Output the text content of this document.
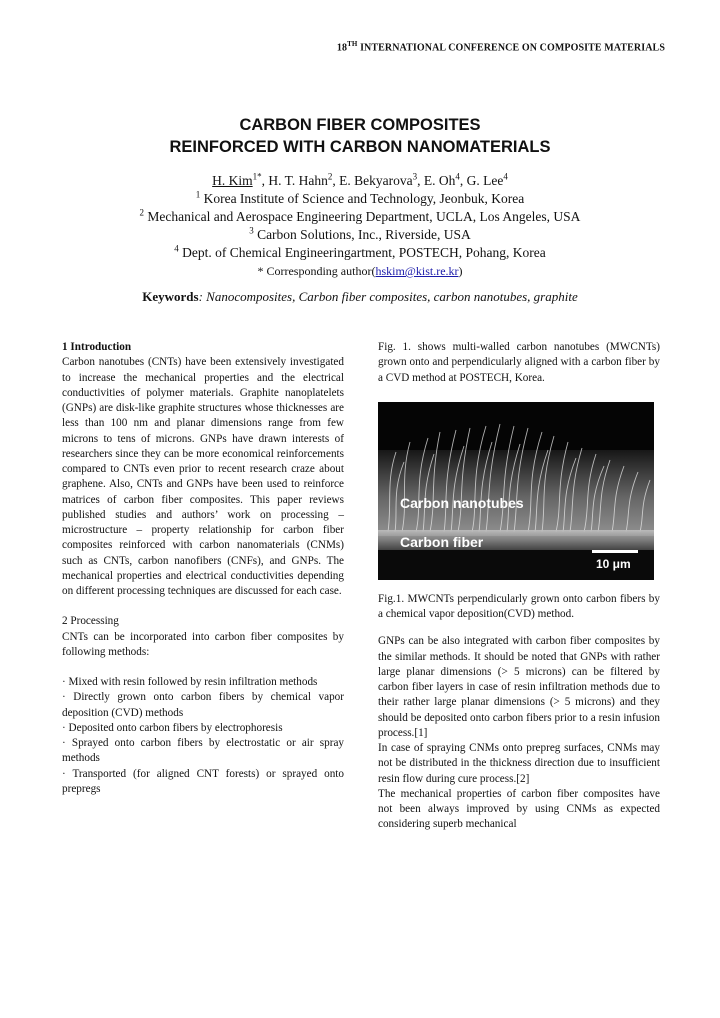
18TH INTERNATIONAL CONFERENCE ON COMPOSITE MATERIALS
CARBON FIBER COMPOSITES
REINFORCED WITH CARBON NANOMATERIALS
H. Kim$^{1*}$, H. T. Hahn$^2$, E. Bekyarova$^3$, E. Oh$^4$, G. Lee$^4$
$^1$ Korea Institute of Science and Technology, Jeonbuk, Korea
$^2$ Mechanical and Aerospace Engineering Department, UCLA, Los Angeles, USA
$^3$ Carbon Solutions, Inc., Riverside, USA
$^4$ Dept. of Chemical Engineeringartment, POSTECH, Pohang, Korea
* Corresponding author(hskim@kist.re.kr)
Keywords: Nanocomposites, Carbon fiber composites, carbon nanotubes, graphite

1 Introduction

Carbon nanotubes (CNTs) have been extensively investigated to increase the mechanical properties and the electrical conductivities of polymer materials. Graphite nanoplatelets (GNPs) are disk-like graphite structures whose thicknesses are less than 100 nm and planar dimensions range from few microns to tens of microns. GNPs have drawn interests of researchers since they can be more economical reinforcements compared to CNTs even prior to recent research craze about graphene. Also, CNTs and GNPs have been used to reinforce matrices of carbon fiber composites. This paper reviews published studies and authors’ work on processing – microstructure – property relationship for carbon fiber composites reinforced with carbon nanomaterials (CNMs) such as CNTs, carbon nanofibers (CNFs), and GNPs. The mechanical properties and electrical conductivities depending on different processing techniques are discussed for each case.

2 Processing

CNTs can be incorporated into carbon fiber composites by following methods:

· Mixed with resin followed by resin infiltration methods

· Directly grown onto carbon fibers by chemical vapor deposition (CVD) methods

· Deposited onto carbon fibers by electrophoresis

· Sprayed onto carbon fibers by electrostatic or air spray methods

· Transported (for aligned CNT forests) or sprayed onto prepregs

Fig. 1. shows multi-walled carbon nanotubes (MWCNTs) grown onto and perpendicularly aligned with a carbon fiber by a CVD method at POSTECH, Korea.

Carbon nanotubes
Carbon fiber
10 μm

Fig.1. MWCNTs perpendicularly grown onto carbon fibers by a chemical vapor deposition(CVD) method.

GNPs can be also integrated with carbon fiber composites by the similar methods. It should be noted that GNPs with rather large planar dimensions (> 5 microns) can be filtered by carbon fiber layers in case of resin infiltration methods due to their rather large planar dimensions (> 5 microns) and they should be deposited onto carbon fibers prior to a resin infusion process.[1]

In case of spraying CNMs onto prepreg surfaces, CNMs may not be distributed in the thickness direction due to insufficient resin flow during cure process.[2]

The mechanical properties of carbon fiber composites have not been always improved by using CNMs as expected considering superb mechanical
